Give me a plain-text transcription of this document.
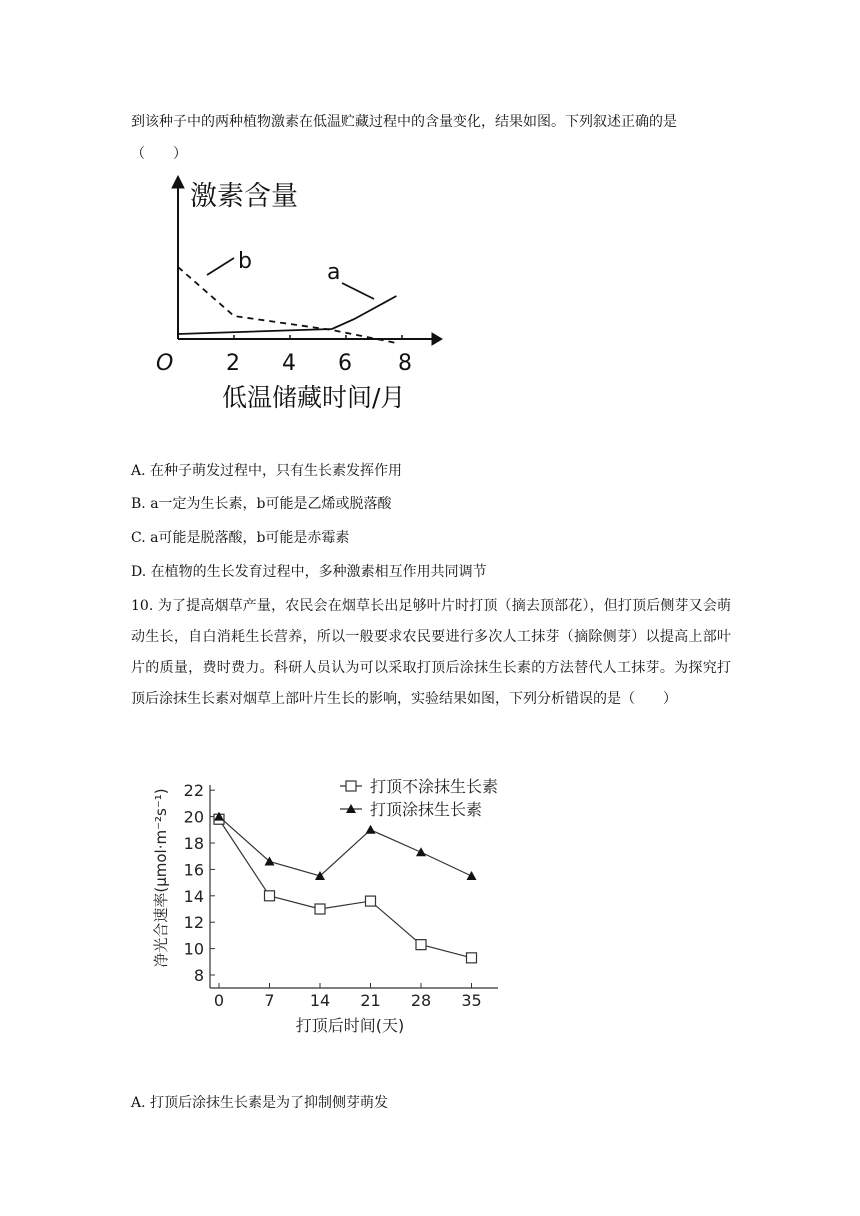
到该种子中的两种植物激素在低温贮藏过程中的含量变化，结果如图。下列叙述正确的是
（　　）
激素含量
低温储藏时间/月
O 2 4 6 8
a
b
A. 在种子萌发过程中，只有生长素发挥作用
B. a一定为生长素，b可能是乙烯或脱落酸
C. a可能是脱落酸，b可能是赤霉素
D. 在植物的生长发育过程中，多种激素相互作用共同调节
10. 为了提高烟草产量，农民会在烟草长出足够叶片时打顶（摘去顶部花），但打顶后侧芽又会萌动生长，自白消耗生长营养，所以一般要求农民要进行多次人工抹芽（摘除侧芽）以提高上部叶片的质量，费时费力。科研人员认为可以采取打顶后涂抹生长素的方法替代人工抹芽。为探究打顶后涂抹生长素对烟草上部叶片生长的影响，实验结果如图，下列分析错误的是（　　）
8
10
12
14
16
18
20
22
0	7 14 21 28 35
净光合速率(μmol·m⁻²s⁻¹)
打顶后时间(天)
打顶不涂抹生长素
打顶涂抹生长素
A. 打顶后涂抹生长素是为了抑制侧芽萌发
